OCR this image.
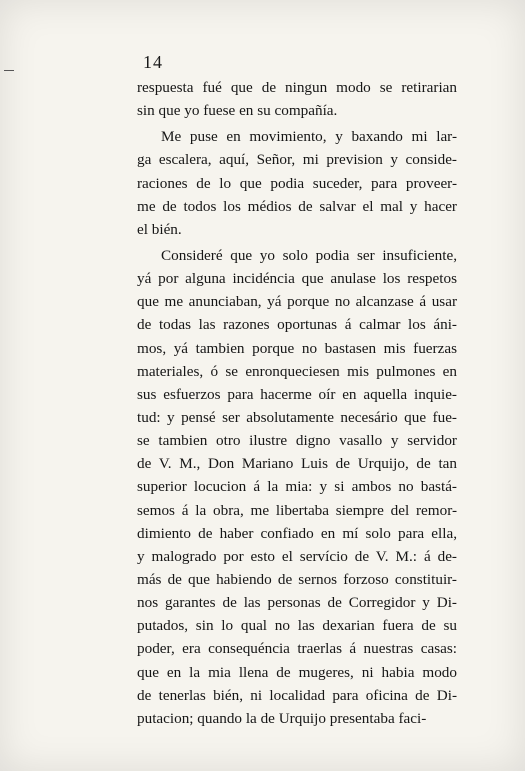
14
respuesta fué que de ningun modo se retirarian
sin que yo fuese en su compañía.
Me puse en movimiento, y baxando mi lar-
ga escalera, aquí, Señor, mi prevision y conside-
raciones de lo que podia suceder, para proveer-
me de todos los médios de salvar el mal y hacer
el bién.
Consideré que yo solo podia ser insuficiente,
yá por alguna incidéncia que anulase los respetos
que me anunciaban, yá porque no alcanzase á usar
de todas las razones oportunas á calmar los áni-
mos, yá tambien porque no bastasen mis fuerzas
materiales, ó se enronqueciesen mis pulmones en
sus esfuerzos para hacerme oír en aquella inquie-
tud: y pensé ser absolutamente necesário que fue-
se tambien otro ilustre digno vasallo y servidor
de V. M., Don Mariano Luis de Urquijo, de tan
superior locucion á la mia: y si ambos no bastá-
semos á la obra, me libertaba siempre del remor-
dimiento de haber confiado en mí solo para ella,
y malogrado por esto el servício de V. M.: á de-
más de que habiendo de sernos forzoso constituir-
nos garantes de las personas de Corregidor y Di-
putados, sin lo qual no las dexarian fuera de su
poder, era consequéncia traerlas á nuestras casas:
que en la mia llena de mugeres, ni habia modo
de tenerlas bién, ni localidad para oficina de Di-
putacion; quando la de Urquijo presentaba faci-
